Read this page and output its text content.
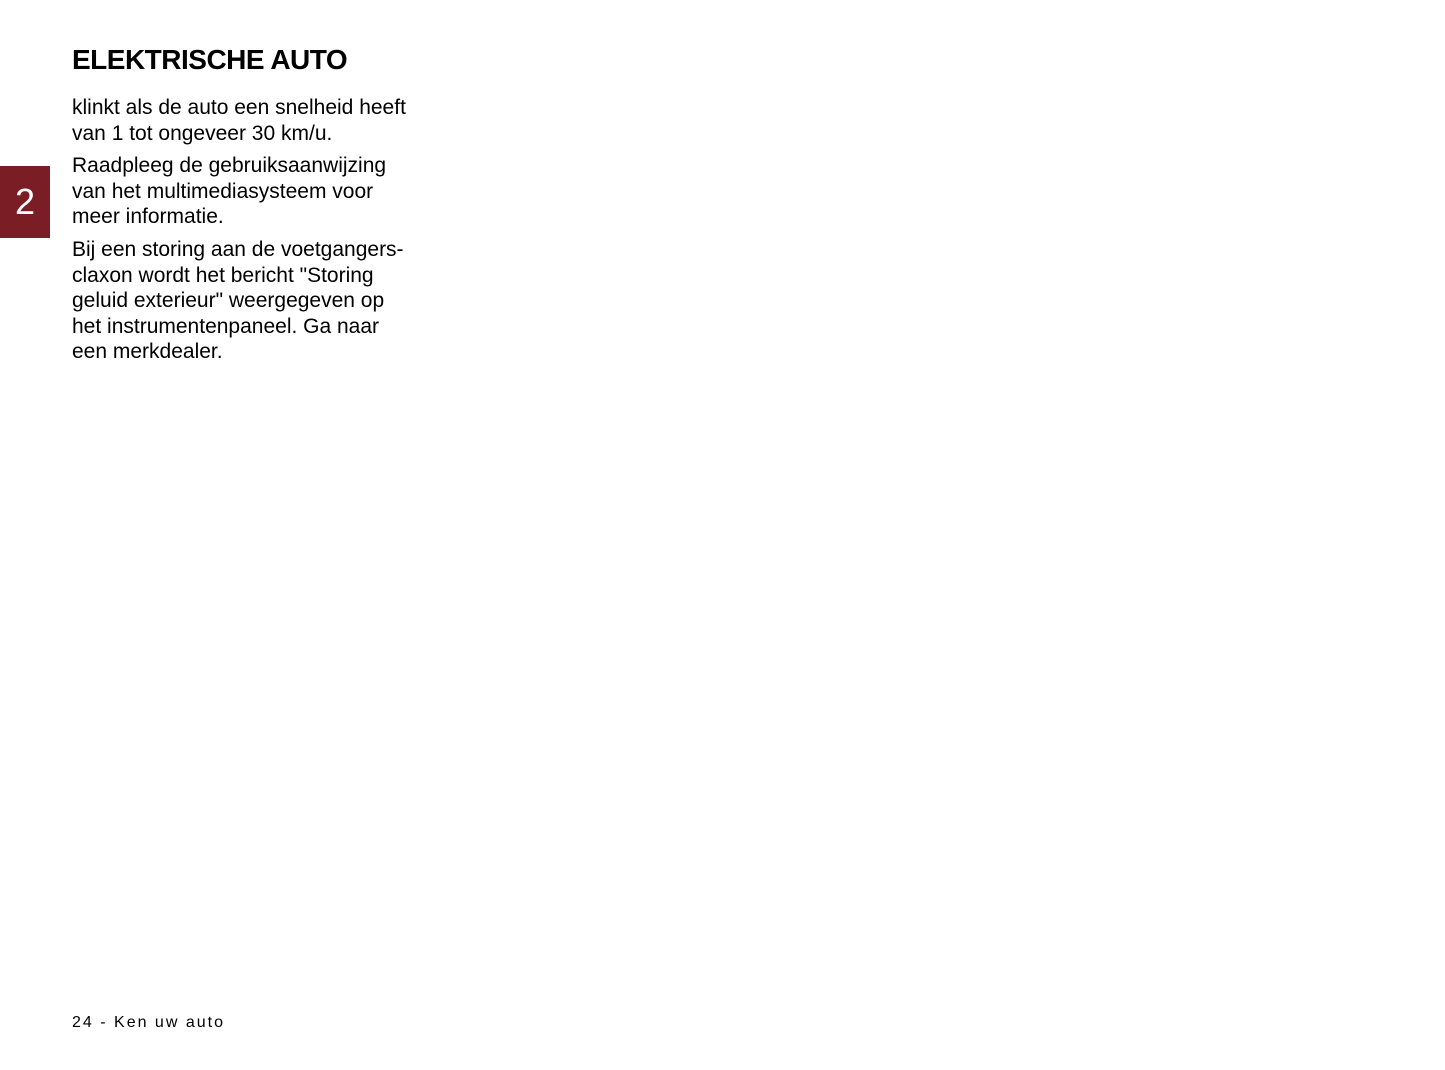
ELEKTRISCHE AUTO
2

klinkt als de auto een snelheid heeft
van 1 tot ongeveer 30 km/u.

Raadpleeg de gebruiksaanwijzing
van het multimediasysteem voor
meer informatie.

Bij een storing aan de voetgangers-
claxon wordt het bericht "Storing
geluid exterieur" weergegeven op
het instrumentenpaneel. Ga naar
een merkdealer.

24 - Ken uw auto
